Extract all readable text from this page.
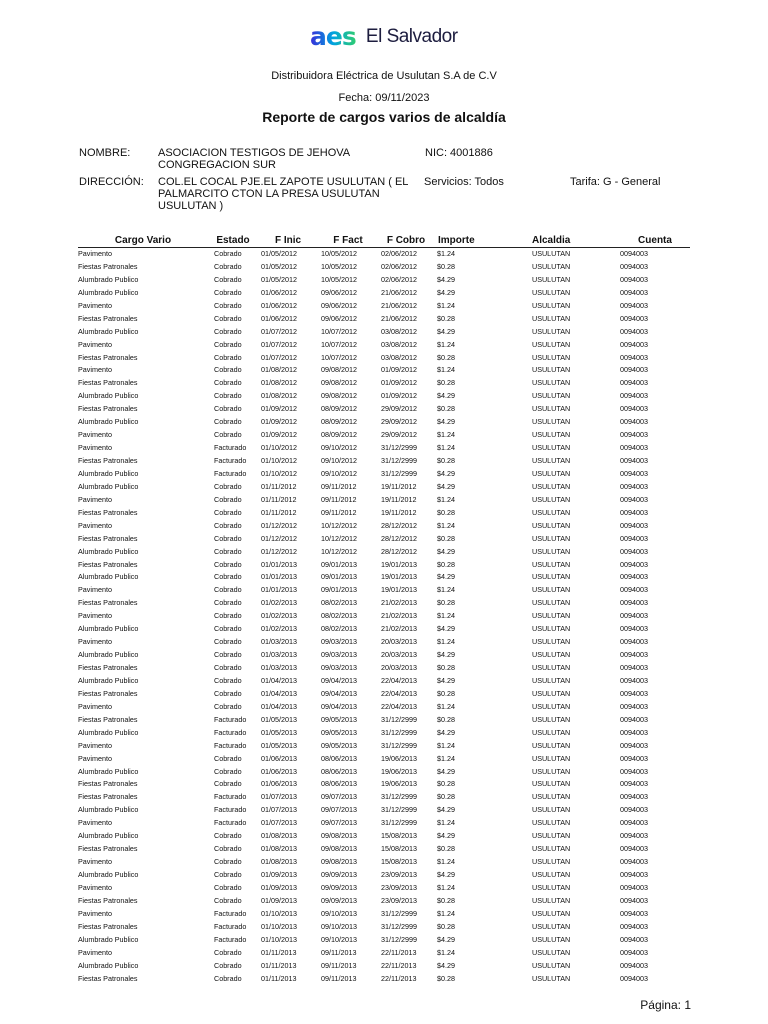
aes El Salvador
Distribuidora Eléctrica de Usulutan S.A de C.V
Fecha: 09/11/2023
Reporte de cargos varios de alcaldía
NOMBRE:	ASOCIACION TESTIGOS DE JEHOVA CONGREGACION SUR
NIC: 4001886
DIRECCIÓN: COL.EL COCAL PJE.EL ZAPOTE USULUTAN ( EL PALMARCITO CTON LA PRESA USULUTAN USULUTAN )
Servicios: Todos	Tarifa: G - General
Cargo Vario	Estado	F Inic	F Fact	F Cobro	Importe	Alcaldia	Cuenta
Pavimento	Cobrado	01/05/2012	10/05/2012	02/06/2012	$1.24	USULUTAN	0094003
Fiestas Patronales	Cobrado	01/05/2012	10/05/2012	02/06/2012	$0.28	USULUTAN	0094003
Alumbrado Publico	Cobrado	01/05/2012	10/05/2012	02/06/2012	$4.29	USULUTAN	0094003
Alumbrado Publico	Cobrado	01/06/2012	09/06/2012	21/06/2012	$4.29	USULUTAN	0094003
Pavimento	Cobrado	01/06/2012	09/06/2012	21/06/2012	$1.24	USULUTAN	0094003
Fiestas Patronales	Cobrado	01/06/2012	09/06/2012	21/06/2012	$0.28	USULUTAN	0094003
Alumbrado Publico	Cobrado	01/07/2012	10/07/2012	03/08/2012	$4.29	USULUTAN	0094003
Pavimento	Cobrado	01/07/2012	10/07/2012	03/08/2012	$1.24	USULUTAN	0094003
Fiestas Patronales	Cobrado	01/07/2012	10/07/2012	03/08/2012	$0.28	USULUTAN	0094003
Pavimento	Cobrado	01/08/2012	09/08/2012	01/09/2012	$1.24	USULUTAN	0094003
Fiestas Patronales	Cobrado	01/08/2012	09/08/2012	01/09/2012	$0.28	USULUTAN	0094003
Alumbrado Publico	Cobrado	01/08/2012	09/08/2012	01/09/2012	$4.29	USULUTAN	0094003
Fiestas Patronales	Cobrado	01/09/2012	08/09/2012	29/09/2012	$0.28	USULUTAN	0094003
Alumbrado Publico	Cobrado	01/09/2012	08/09/2012	29/09/2012	$4.29	USULUTAN	0094003
Pavimento	Cobrado	01/09/2012	08/09/2012	29/09/2012	$1.24	USULUTAN	0094003
Pavimento	Facturado	01/10/2012	09/10/2012	31/12/2999	$1.24	USULUTAN	0094003
Fiestas Patronales	Facturado	01/10/2012	09/10/2012	31/12/2999	$0.28	USULUTAN	0094003
Alumbrado Publico	Facturado	01/10/2012	09/10/2012	31/12/2999	$4.29	USULUTAN	0094003
Alumbrado Publico	Cobrado	01/11/2012	09/11/2012	19/11/2012	$4.29	USULUTAN	0094003
Pavimento	Cobrado	01/11/2012	09/11/2012	19/11/2012	$1.24	USULUTAN	0094003
Fiestas Patronales	Cobrado	01/11/2012	09/11/2012	19/11/2012	$0.28	USULUTAN	0094003
Pavimento	Cobrado	01/12/2012	10/12/2012	28/12/2012	$1.24	USULUTAN	0094003
Fiestas Patronales	Cobrado	01/12/2012	10/12/2012	28/12/2012	$0.28	USULUTAN	0094003
Alumbrado Publico	Cobrado	01/12/2012	10/12/2012	28/12/2012	$4.29	USULUTAN	0094003
Fiestas Patronales	Cobrado	01/01/2013	09/01/2013	19/01/2013	$0.28	USULUTAN	0094003
Alumbrado Publico	Cobrado	01/01/2013	09/01/2013	19/01/2013	$4.29	USULUTAN	0094003
Pavimento	Cobrado	01/01/2013	09/01/2013	19/01/2013	$1.24	USULUTAN	0094003
Fiestas Patronales	Cobrado	01/02/2013	08/02/2013	21/02/2013	$0.28	USULUTAN	0094003
Pavimento	Cobrado	01/02/2013	08/02/2013	21/02/2013	$1.24	USULUTAN	0094003
Alumbrado Publico	Cobrado	01/02/2013	08/02/2013	21/02/2013	$4.29	USULUTAN	0094003
Pavimento	Cobrado	01/03/2013	09/03/2013	20/03/2013	$1.24	USULUTAN	0094003
Alumbrado Publico	Cobrado	01/03/2013	09/03/2013	20/03/2013	$4.29	USULUTAN	0094003
Fiestas Patronales	Cobrado	01/03/2013	09/03/2013	20/03/2013	$0.28	USULUTAN	0094003
Alumbrado Publico	Cobrado	01/04/2013	09/04/2013	22/04/2013	$4.29	USULUTAN	0094003
Fiestas Patronales	Cobrado	01/04/2013	09/04/2013	22/04/2013	$0.28	USULUTAN	0094003
Pavimento	Cobrado	01/04/2013	09/04/2013	22/04/2013	$1.24	USULUTAN	0094003
Fiestas Patronales	Facturado	01/05/2013	09/05/2013	31/12/2999	$0.28	USULUTAN	0094003
Alumbrado Publico	Facturado	01/05/2013	09/05/2013	31/12/2999	$4.29	USULUTAN	0094003
Pavimento	Facturado	01/05/2013	09/05/2013	31/12/2999	$1.24	USULUTAN	0094003
Pavimento	Cobrado	01/06/2013	08/06/2013	19/06/2013	$1.24	USULUTAN	0094003
Alumbrado Publico	Cobrado	01/06/2013	08/06/2013	19/06/2013	$4.29	USULUTAN	0094003
Fiestas Patronales	Cobrado	01/06/2013	08/06/2013	19/06/2013	$0.28	USULUTAN	0094003
Fiestas Patronales	Facturado	01/07/2013	09/07/2013	31/12/2999	$0.28	USULUTAN	0094003
Alumbrado Publico	Facturado	01/07/2013	09/07/2013	31/12/2999	$4.29	USULUTAN	0094003
Pavimento	Facturado	01/07/2013	09/07/2013	31/12/2999	$1.24	USULUTAN	0094003
Alumbrado Publico	Cobrado	01/08/2013	09/08/2013	15/08/2013	$4.29	USULUTAN	0094003
Fiestas Patronales	Cobrado	01/08/2013	09/08/2013	15/08/2013	$0.28	USULUTAN	0094003
Pavimento	Cobrado	01/08/2013	09/08/2013	15/08/2013	$1.24	USULUTAN	0094003
Alumbrado Publico	Cobrado	01/09/2013	09/09/2013	23/09/2013	$4.29	USULUTAN	0094003
Pavimento	Cobrado	01/09/2013	09/09/2013	23/09/2013	$1.24	USULUTAN	0094003
Fiestas Patronales	Cobrado	01/09/2013	09/09/2013	23/09/2013	$0.28	USULUTAN	0094003
Pavimento	Facturado	01/10/2013	09/10/2013	31/12/2999	$1.24	USULUTAN	0094003
Fiestas Patronales	Facturado	01/10/2013	09/10/2013	31/12/2999	$0.28	USULUTAN	0094003
Alumbrado Publico	Facturado	01/10/2013	09/10/2013	31/12/2999	$4.29	USULUTAN	0094003
Pavimento	Cobrado	01/11/2013	09/11/2013	22/11/2013	$1.24	USULUTAN	0094003
Alumbrado Publico	Cobrado	01/11/2013	09/11/2013	22/11/2013	$4.29	USULUTAN	0094003
Fiestas Patronales	Cobrado	01/11/2013	09/11/2013	22/11/2013	$0.28	USULUTAN	0094003
Página: 1
